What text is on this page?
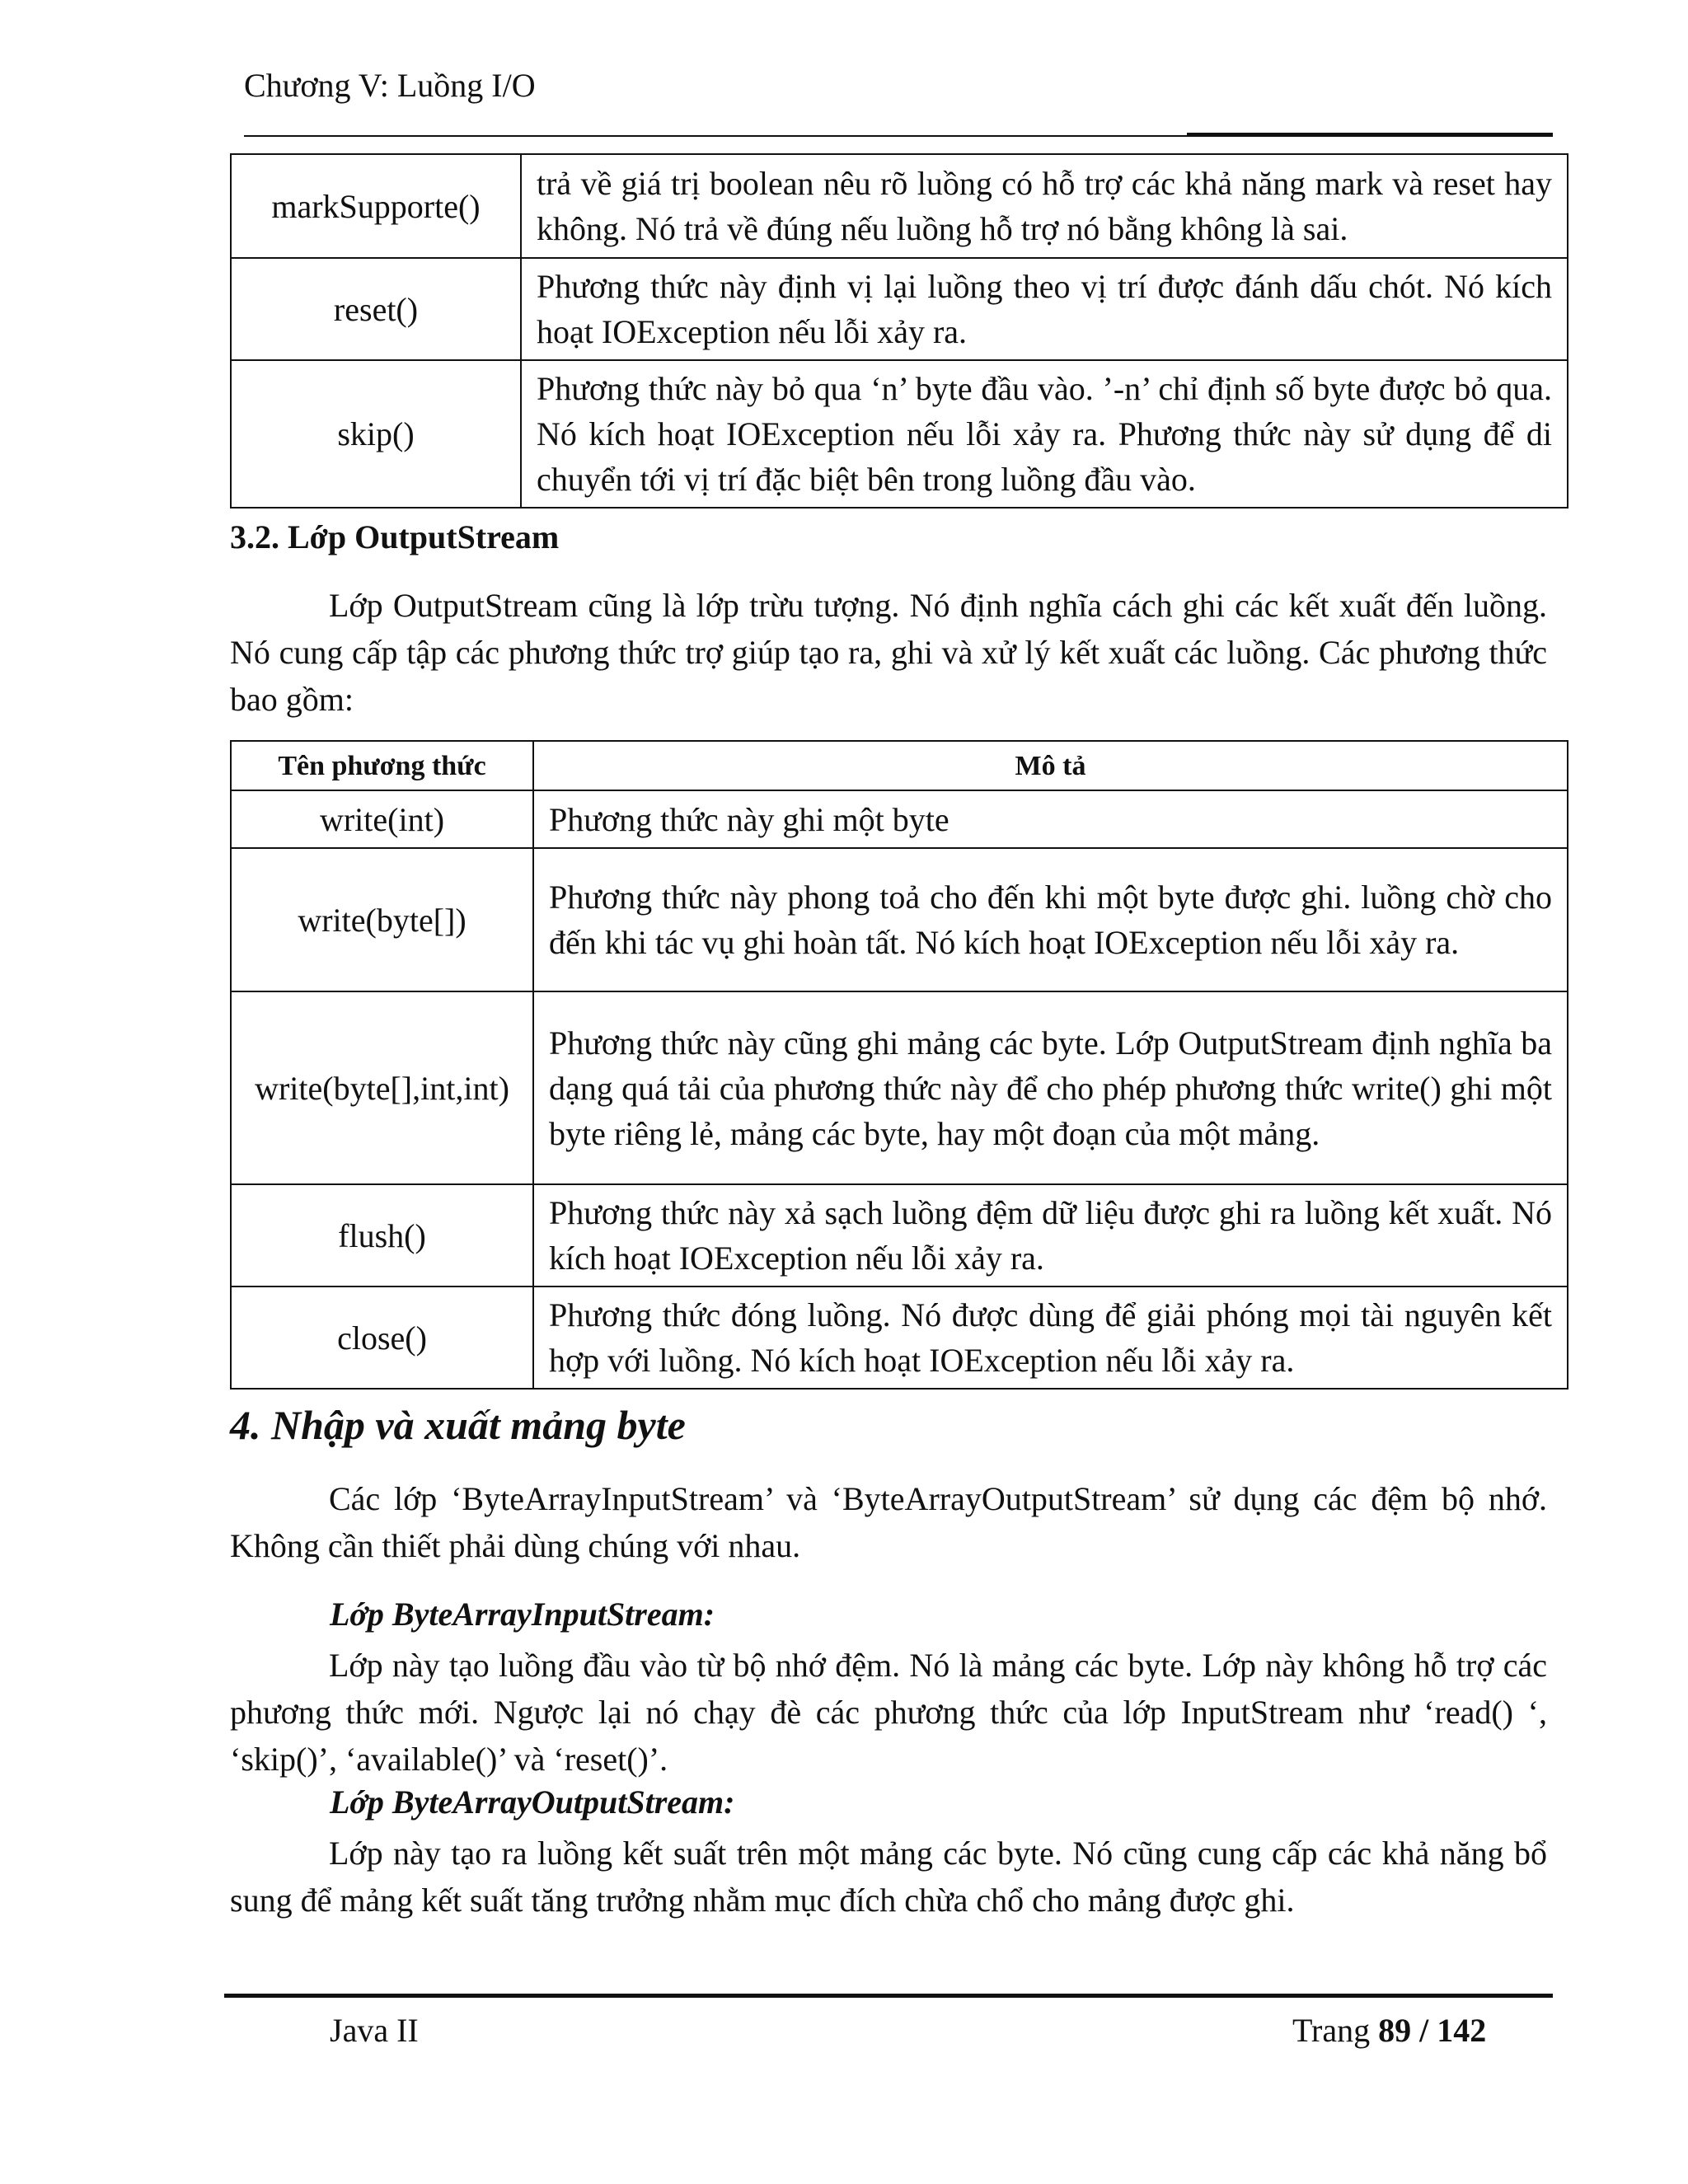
Chương V: Luồng I/O
markSupporte()	trả về giá trị boolean nêu rõ luồng có hỗ trợ các khả năng mark và reset hay không. Nó trả về đúng nếu luồng hỗ trợ nó bằng không là sai.
reset()	Phương thức này định vị lại luồng theo vị trí được đánh dấu chót. Nó kích hoạt IOException nếu lỗi xảy ra.
skip()	Phương thức này bỏ qua ‘n’ byte đầu vào. ’-n’ chỉ định số byte được bỏ qua. Nó kích hoạt IOException nếu lỗi xảy ra. Phương thức này sử dụng để di chuyển tới vị trí đặc biệt bên trong luồng đầu vào.
3.2. Lớp OutputStream
Lớp OutputStream cũng là lớp trừu tượng. Nó định nghĩa cách ghi các kết xuất đến luồng. Nó cung cấp tập các phương thức trợ giúp tạo ra, ghi và xử lý kết xuất các luồng. Các phương thức bao gồm:
Tên phương thức	Mô tả
write(int)	Phương thức này ghi một byte
write(byte[])	Phương thức này phong toả cho đến khi một byte được ghi. luồng chờ cho đến khi tác vụ ghi hoàn tất. Nó kích hoạt IOException nếu lỗi xảy ra.
write(byte[],int,int)	Phương thức này cũng ghi mảng các byte. Lớp OutputStream định nghĩa ba dạng quá tải của phương thức này để cho phép phương thức write() ghi một byte riêng lẻ, mảng các byte, hay một đoạn của một mảng.
flush()	Phương thức này xả sạch luồng đệm dữ liệu được ghi ra luồng kết xuất. Nó kích hoạt IOException nếu lỗi xảy ra.
close()	Phương thức đóng luồng. Nó được dùng để giải phóng mọi tài nguyên kết hợp với luồng. Nó kích hoạt IOException nếu lỗi xảy ra.
4. Nhập và xuất mảng byte
Các lớp ‘ByteArrayInputStream’ và ‘ByteArrayOutputStream’ sử dụng các đệm bộ nhớ. Không cần thiết phải dùng chúng với nhau.
Lớp ByteArrayInputStream:
Lớp này tạo luồng đầu vào từ bộ nhớ đệm. Nó là mảng các byte. Lớp này không hỗ trợ các phương thức mới. Ngược lại nó chạy đè các phương thức của lớp InputStream như ‘read() ‘, ‘skip()’, ‘available()’ và ‘reset()’.
Lớp ByteArrayOutputStream:
Lớp này tạo ra luồng kết suất trên một mảng các byte. Nó cũng cung cấp các khả năng bổ sung để mảng kết suất tăng trưởng nhằm mục đích chừa chổ cho mảng được ghi.
Java II	Trang 89 / 142
